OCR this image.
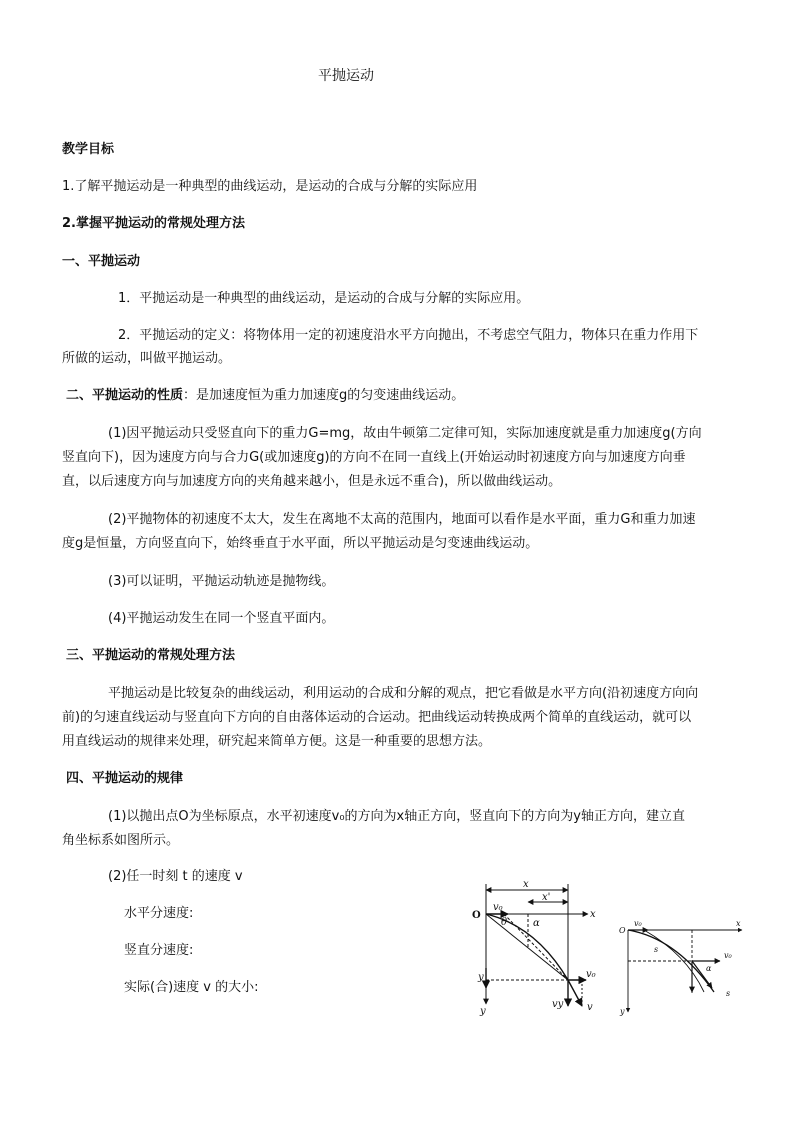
平抛运动
教学目标
1.了解平抛运动是一种典型的曲线运动，是运动的合成与分解的实际应用
2.掌握平抛运动的常规处理方法
一、平抛运动
1．平抛运动是一种典型的曲线运动，是运动的合成与分解的实际应用。
2．平抛运动的定义：将物体用一定的初速度沿水平方向抛出，不考虑空气阻力，物体只在重力作用下
所做的运动，叫做平抛运动。
二、平抛运动的性质：是加速度恒为重力加速度g的匀变速曲线运动。
(1)因平抛运动只受竖直向下的重力G=mg，故由牛顿第二定律可知，实际加速度就是重力加速度g(方向
竖直向下)，因为速度方向与合力G(或加速度g)的方向不在同一直线上(开始运动时初速度方向与加速度方向垂
直，以后速度方向与加速度方向的夹角越来越小，但是永远不重合)，所以做曲线运动。
(2)平抛物体的初速度不太大，发生在离地不太高的范围内，地面可以看作是水平面，重力G和重力加速
度g是恒量，方向竖直向下，始终垂直于水平面，所以平抛运动是匀变速曲线运动。
(3)可以证明，平抛运动轨迹是抛物线。
(4)平抛运动发生在同一个竖直平面内。
三、平抛运动的常规处理方法
平抛运动是比较复杂的曲线运动，利用运动的合成和分解的观点，把它看做是水平方向(沿初速度方向向
前)的匀速直线运动与竖直向下方向的自由落体运动的合运动。把曲线运动转换成两个简单的直线运动，就可以
用直线运动的规律来处理，研究起来简单方便。这是一种重要的思想方法。
四、平抛运动的规律
(1)以抛出点O为坐标原点，水平初速度v₀的方向为x轴正方向，竖直向下的方向为y轴正方向，建立直
角坐标系如图所示。
(2)任一时刻 t 的速度 v
水平分速度:
竖直分速度:
实际(合)速度 v 的大小:
x
x'
O
v₀
θ	α
x
y
y
v₀
vy v
O
v₀	x
s
v₀
α
y
s
